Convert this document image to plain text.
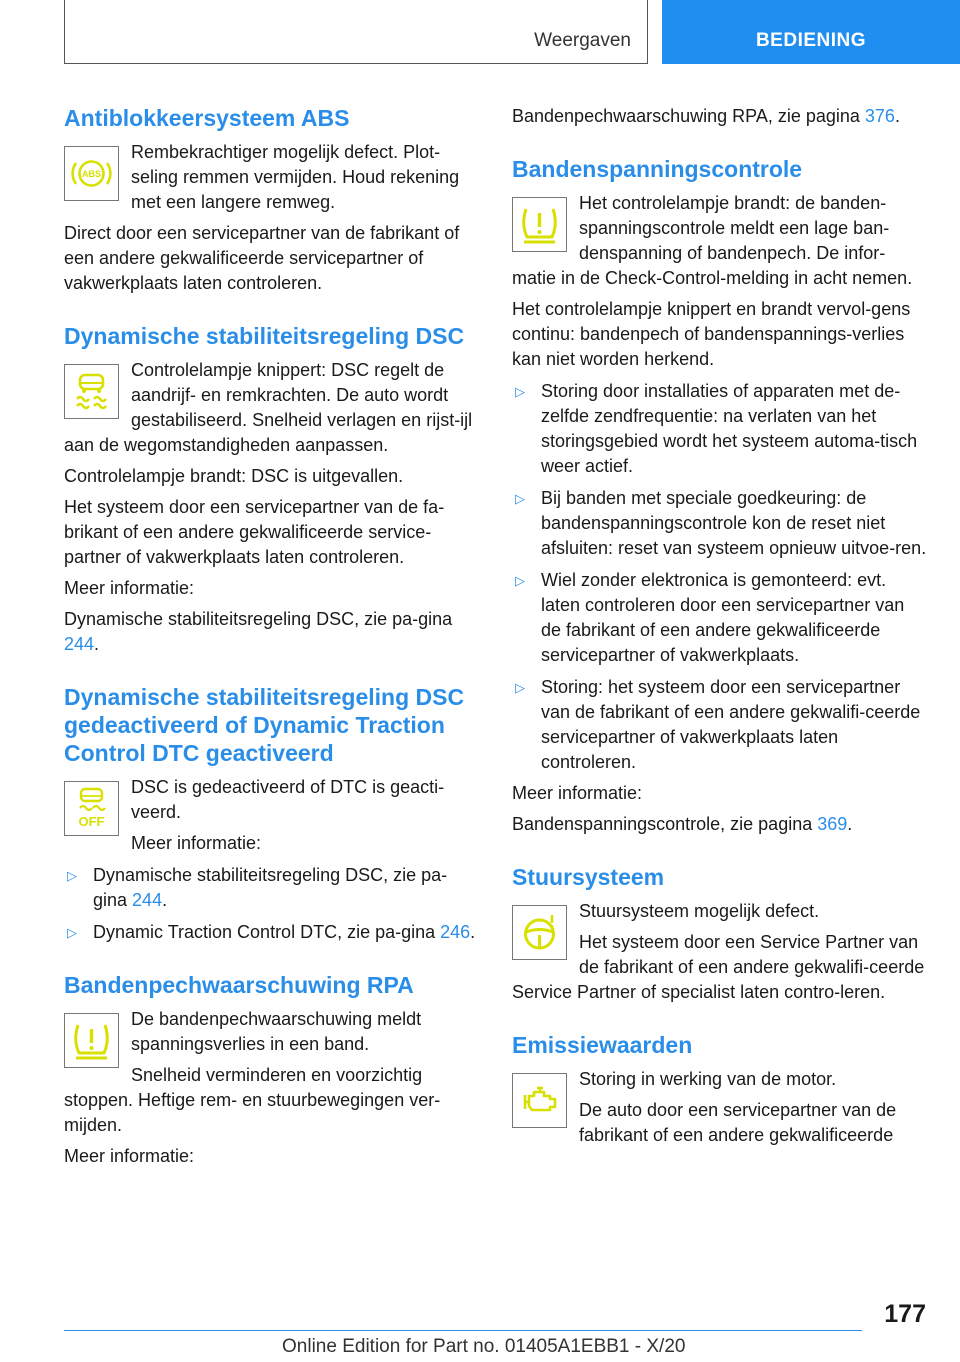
Weergaven	BEDIENING
Antiblokkeersysteem ABS
ABS

Rembekrachtiger mogelijk defect. Plot‐seling remmen vermijden. Houd rekening met een langere remweg.

Direct door een servicepartner van de fabrikant of een andere gekwalificeerde servicepartner of vakwerkplaats laten controleren.

Dynamische stabiliteitsregeling DSC

Controlelampje knippert: DSC regelt de aandrijf- en remkrachten. De auto wordt gestabiliseerd. Snelheid verlagen en rijst‐ijl aan de wegomstandigheden aanpassen.

Controlelampje brandt: DSC is uitgevallen.

Het systeem door een servicepartner van de fa‐brikant of een andere gekwalificeerde service‐partner of vakwerkplaats laten controleren.

Meer informatie:

Dynamische stabiliteitsregeling DSC, zie pa‐gina 244.

Dynamische stabiliteitsregeling DSC gedeactiveerd of Dynamic Traction Control DTC geactiveerd
OFF

DSC is gedeactiveerd of DTC is geacti‐veerd.

Meer informatie:

▷ Dynamische stabiliteitsregeling DSC, zie pa‐gina 244.
▷ Dynamic Traction Control DTC, zie pa‐gina 246.
Bandenpechwaarschuwing RPA

De bandenpechwaarschuwing meldt spanningsverlies in een band.

Snelheid verminderen en voorzichtig stoppen. Heftige rem- en stuurbewegingen ver‐mijden.

Meer informatie:

Bandenpechwaarschuwing RPA, zie pagina 376.

Bandenspanningscontrole

Het controlelampje brandt: de banden‐spanningscontrole meldt een lage ban‐denspanning of bandenpech. De infor‐matie in de Check-Control-melding in acht nemen.

Het controlelampje knippert en brandt vervol‐gens continu: bandenpech of bandenspannings‐verlies kan niet worden herkend.

▷ Storing door installaties of apparaten met de‐zelfde zendfrequentie: na verlaten van het storingsgebied wordt het systeem automa‐tisch weer actief.
▷ Bij banden met speciale goedkeuring: de bandenspanningscontrole kon de reset niet afsluiten: reset van systeem opnieuw uitvoe‐ren.
▷ Wiel zonder elektronica is gemonteerd: evt. laten controleren door een servicepartner van de fabrikant of een andere gekwalificeerde servicepartner of vakwerkplaats.
▷ Storing: het systeem door een servicepartner van de fabrikant of een andere gekwalifi‐ceerde servicepartner of vakwerkplaats laten controleren.

Meer informatie:

Bandenspanningscontrole, zie pagina 369.

Stuursysteem

Stuursysteem mogelijk defect.

Het systeem door een Service Partner van de fabrikant of een andere gekwalifi‐ceerde Service Partner of specialist laten contro‐leren.

Emissiewaarden

Storing in werking van de motor.

De auto door een servicepartner van de fabrikant of een andere gekwalificeerde

177
Online Edition for Part no. 01405A1EBB1 - X/20
